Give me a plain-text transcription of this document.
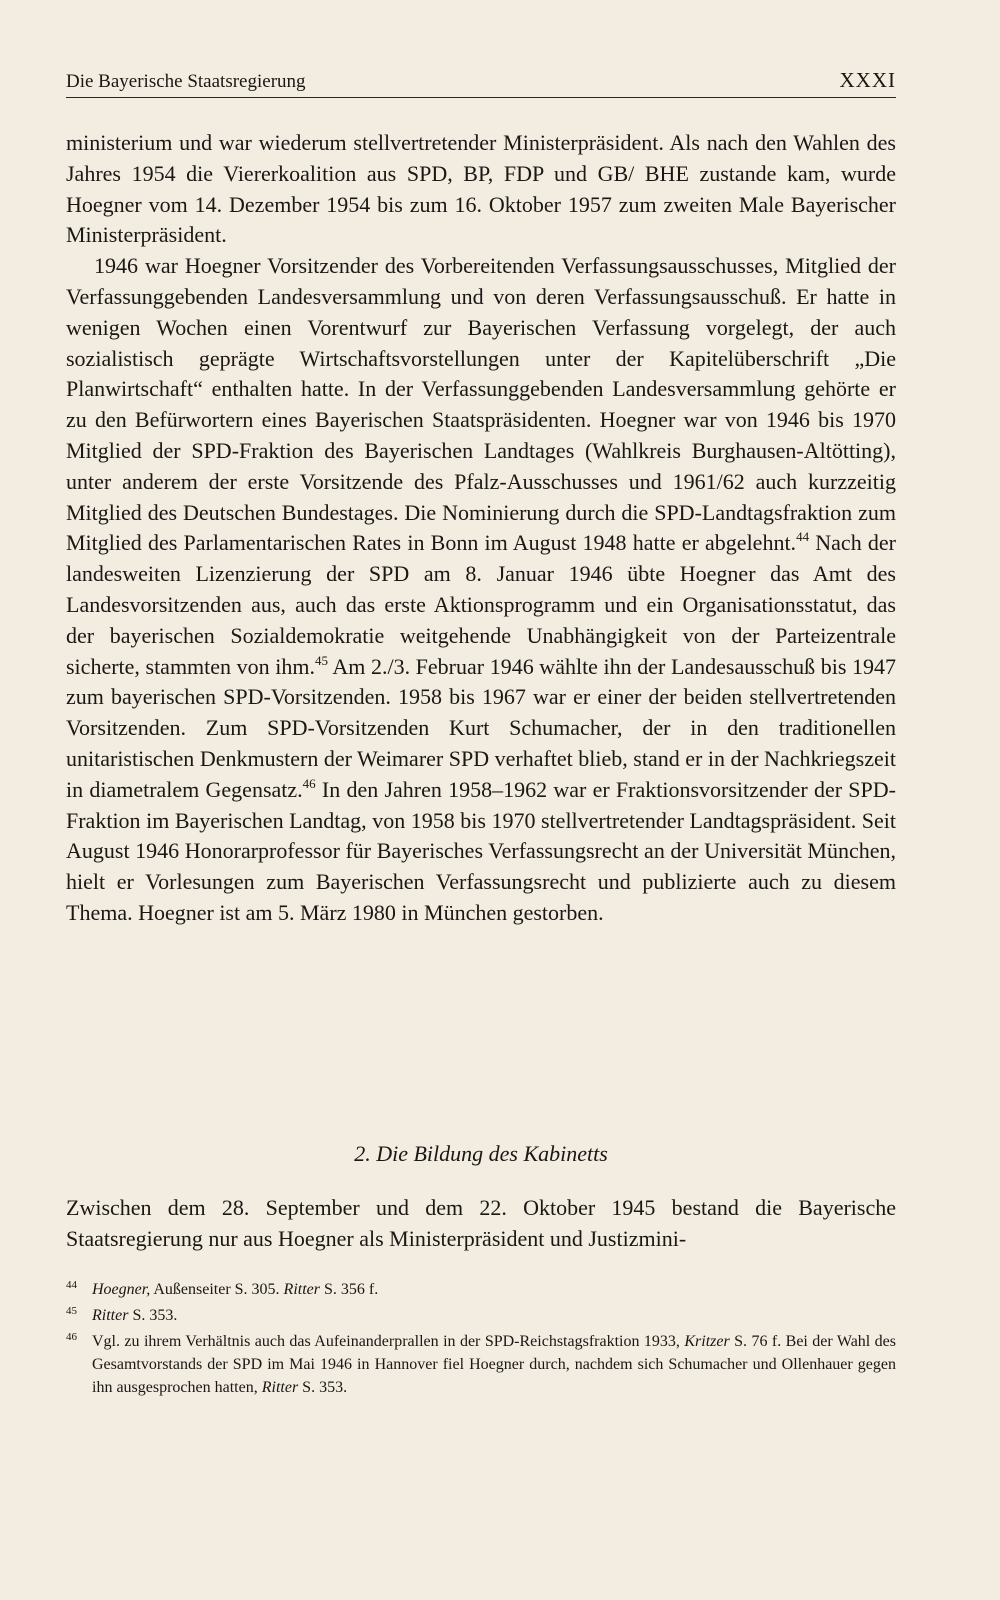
Die Bayerische Staatsregierung	XXXI

ministerium und war wiederum stellvertretender Ministerpräsident. Als nach den Wahlen des Jahres 1954 die Viererkoalition aus SPD, BP, FDP und GB/ BHE zustande kam, wurde Hoegner vom 14. Dezember 1954 bis zum 16. Oktober 1957 zum zweiten Male Bayerischer Ministerpräsident.

1946 war Hoegner Vorsitzender des Vorbereitenden Verfassungsausschusses, Mitglied der Verfassunggebenden Landesversammlung und von deren Verfassungsausschuß. Er hatte in wenigen Wochen einen Vorentwurf zur Bayerischen Verfassung vorgelegt, der auch sozialistisch geprägte Wirtschaftsvorstellungen unter der Kapitelüberschrift „Die Planwirtschaft“ enthalten hatte. In der Verfassunggebenden Landesversammlung gehörte er zu den Befürwortern eines Bayerischen Staatspräsidenten. Hoegner war von 1946 bis 1970 Mitglied der SPD-Fraktion des Bayerischen Landtages (Wahlkreis Burghausen-Altötting), unter anderem der erste Vorsitzende des Pfalz-Ausschusses und 1961/62 auch kurzzeitig Mitglied des Deutschen Bundestages. Die Nominierung durch die SPD-Landtagsfraktion zum Mitglied des Parlamentarischen Rates in Bonn im August 1948 hatte er abgelehnt.$^{44}$ Nach der landesweiten Lizenzierung der SPD am 8. Januar 1946 übte Hoegner das Amt des Landesvorsitzenden aus, auch das erste Aktionsprogramm und ein Organisationsstatut, das der bayerischen Sozialdemokratie weitgehende Unabhängigkeit von der Parteizentrale sicherte, stammten von ihm.$^{45}$ Am 2./3. Februar 1946 wählte ihn der Landesausschuß bis 1947 zum bayerischen SPD-Vorsitzenden. 1958 bis 1967 war er einer der beiden stellvertretenden Vorsitzenden. Zum SPD-Vorsitzenden Kurt Schumacher, der in den traditionellen unitaristischen Denkmustern der Weimarer SPD verhaftet blieb, stand er in der Nachkriegszeit in diametralem Gegensatz.$^{46}$ In den Jahren 1958–1962 war er Fraktionsvorsitzender der SPD-Fraktion im Bayerischen Landtag, von 1958 bis 1970 stellvertretender Landtagspräsident. Seit August 1946 Honorarprofessor für Bayerisches Verfassungsrecht an der Universität München, hielt er Vorlesungen zum Bayerischen Verfassungsrecht und publizierte auch zu diesem Thema. Hoegner ist am 5. März 1980 in München gestorben.

2. Die Bildung des Kabinetts
Zwischen dem 28. September und dem 22. Oktober 1945 bestand die Bayerische Staatsregierung nur aus Hoegner als Ministerpräsident und Justizmini-
44 Hoegner, Außenseiter S. 305. Ritter S. 356 f.
45 Ritter S. 353.
46 Vgl. zu ihrem Verhältnis auch das Aufeinanderprallen in der SPD-Reichstagsfraktion 1933, Kritzer S. 76 f. Bei der Wahl des Gesamtvorstands der SPD im Mai 1946 in Hannover fiel Hoegner durch, nachdem sich Schumacher und Ollenhauer gegen ihn ausgesprochen hatten, Ritter S. 353.
